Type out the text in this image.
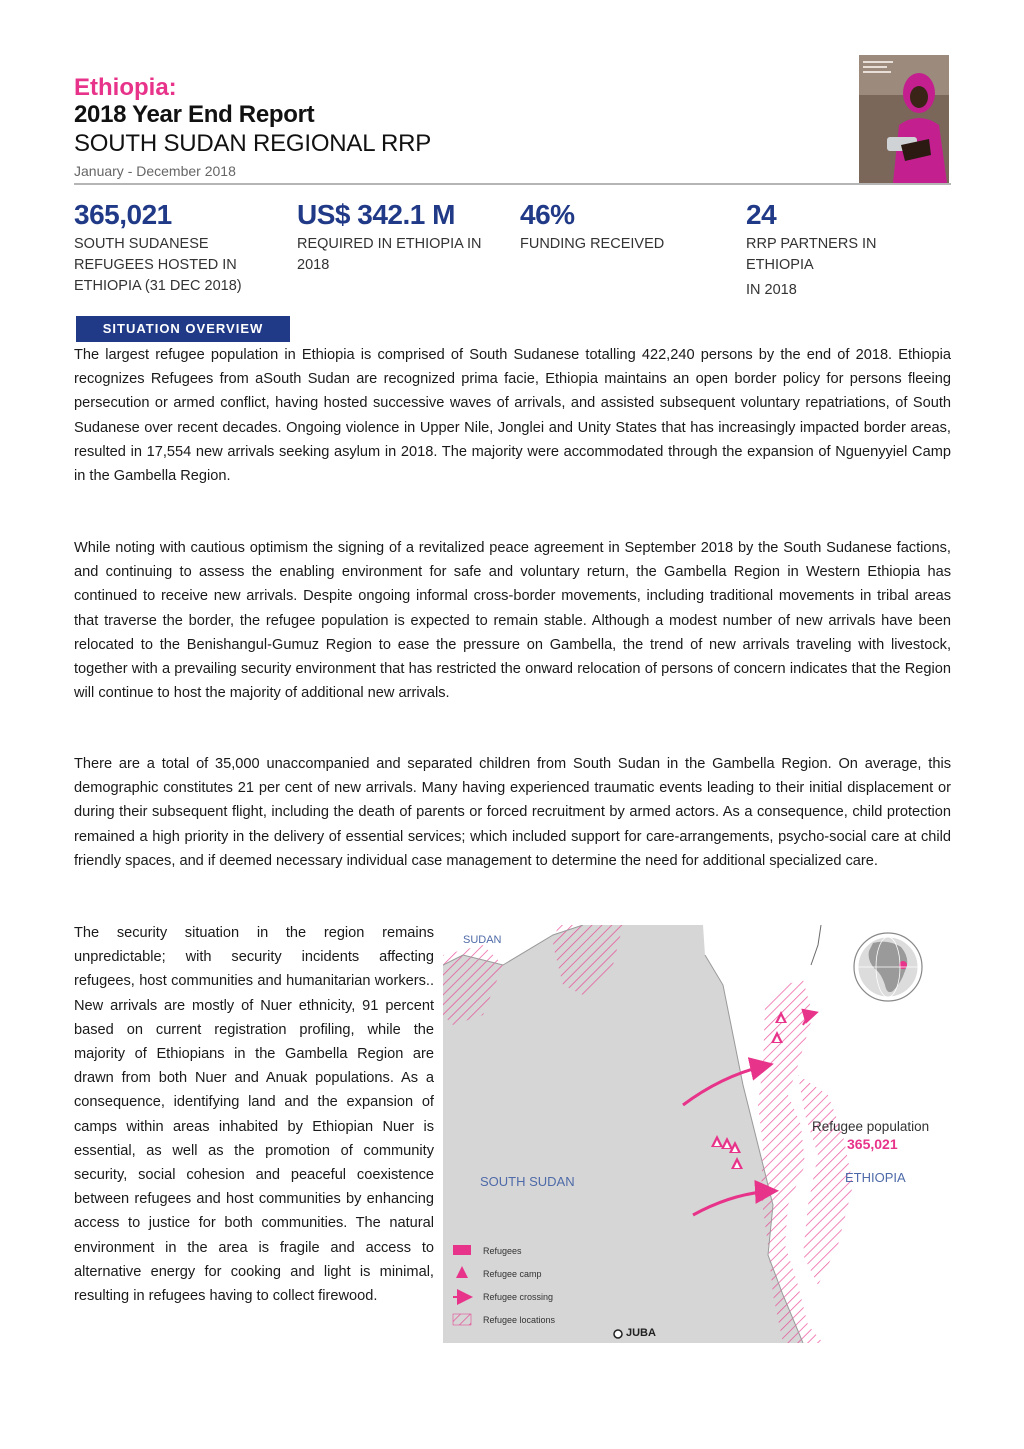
Ethiopia:
2018 Year End Report
SOUTH SUDAN REGIONAL RRP
January - December 2018
365,021
SOUTH SUDANESE
REFUGEES HOSTED IN
ETHIOPIA (31 DEC 2018)
US$ 342.1 M
REQUIRED IN ETHIOPIA IN
2018
46%
FUNDING RECEIVED
24
RRP PARTNERS IN
ETHIOPIA
IN 2018
SITUATION OVERVIEW
The largest refugee population in Ethiopia is comprised of South Sudanese totalling 422,240 persons by the end of 2018. Ethiopia recognizes Refugees from aSouth Sudan are recognized prima facie, Ethiopia maintains an open border policy for persons fleeing persecution or armed conflict, having hosted successive waves of arrivals, and assisted subsequent voluntary repatriations, of South Sudanese over recent decades. Ongoing violence in Upper Nile, Jonglei and Unity States that has increasingly impacted border areas, resulted in 17,554 new arrivals seeking asylum in 2018. The majority were accommodated through the expansion of Nguenyyiel Camp in the Gambella Region.
While noting with cautious optimism the signing of a revitalized peace agreement in September 2018 by the South Sudanese factions, and continuing to assess the enabling environment for safe and voluntary return, the Gambella Region in Western Ethiopia has continued to receive new arrivals. Despite ongoing informal cross-border movements, including traditional movements in tribal areas that traverse the border, the refugee population is expected to remain stable. Although a modest number of new arrivals have been relocated to the Benishangul-Gumuz Region to ease the pressure on Gambella, the trend of new arrivals traveling with livestock, together with a prevailing security environment that has restricted the onward relocation of persons of concern indicates that the Region will continue to host the majority of additional new arrivals.
There are a total of 35,000 unaccompanied and separated children from South Sudan in the Gambella Region. On average, this demographic constitutes 21 per cent of new arrivals. Many having experienced traumatic events leading to their initial displacement or during their subsequent flight, including the death of parents or forced recruitment by armed actors. As a consequence, child protection remained a high priority in the delivery of essential services; which included support for care-arrangements, psycho-social care at child friendly spaces, and if deemed necessary individual case management to determine the need for additional specialized care.
The security situation in the region remains unpredictable; with security incidents affecting refugees, host communities and humanitarian workers.. New arrivals are mostly of Nuer ethnicity, 91 percent based on current registration profiling, while the majority of Ethiopians in the Gambella Region are drawn from both Nuer and Anuak populations. As a consequence, identifying land and the expansion of camps within areas inhabited by Ethiopian Nuer is essential, as well as the promotion of community security, social cohesion and peaceful coexistence between refugees and host communities by enhancing access to justice for both communities. The natural environment in the area is fragile and access to alternative energy for cooking and light is minimal, resulting in refugees having to collect firewood.
SUDAN
SOUTH SUDAN	ETHIOPIA
Refugee population
365,021
JUBA
Refugees
Refugee camp
Refugee crossing
Refugee locations
